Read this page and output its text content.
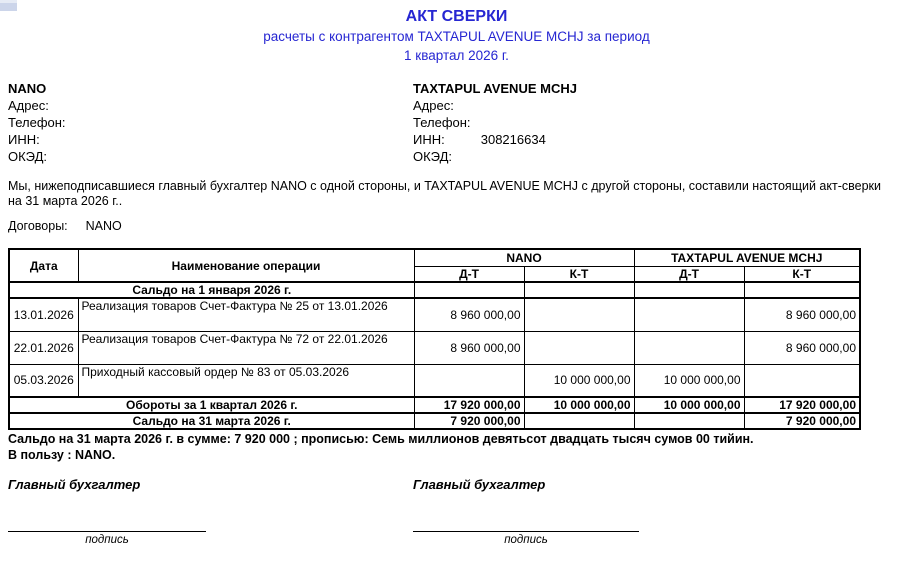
АКТ СВЕРКИ
расчеты с контрагентом TAXTAPUL AVENUE MCHJ за период
1 квартал 2026 г.
NANO
Адрес:
Телефон:
ИНН:
ОКЭД:
TAXTAPUL AVENUE MCHJ
Адрес:
Телефон:
ИНН:	308216634
ОКЭД:
Мы, нижеподписавшиеся главный бухгалтер NANO с одной стороны, и TAXTAPUL AVENUE MCHJ с другой стороны, составили настоящий акт-сверки на 31 марта 2026 г..
Договоры: NANO
Дата	Наименование операции	NANO		TAXTAPUL AVENUE MCHJ	
		Д-Т	К-Т	Д-Т	К-Т
Сальдо на 1 января 2026 г.					
13.01.2026	Реализация товаров Счет-Фактура № 25 от 13.01.2026	8 960 000,00			8 960 000,00
22.01.2026	Реализация товаров Счет-Фактура № 72 от 22.01.2026	8 960 000,00			8 960 000,00
05.03.2026	Приходный кассовый ордер № 83 от 05.03.2026		10 000 000,00	10 000 000,00	
Обороты за 1 квартал 2026 г.		17 920 000,00	10 000 000,00	10 000 000,00	17 920 000,00
Сальдо на 31 марта 2026 г.		7 920 000,00			7 920 000,00
Сальдо на 31 марта 2026 г. в сумме: 7 920 000 ; прописью: Семь миллионов девятьсот двадцать тысяч сумов 00 тийин.
В пользу : NANO.
Главный бухгалтер	Главный бухгалтер
подпись	подпись
